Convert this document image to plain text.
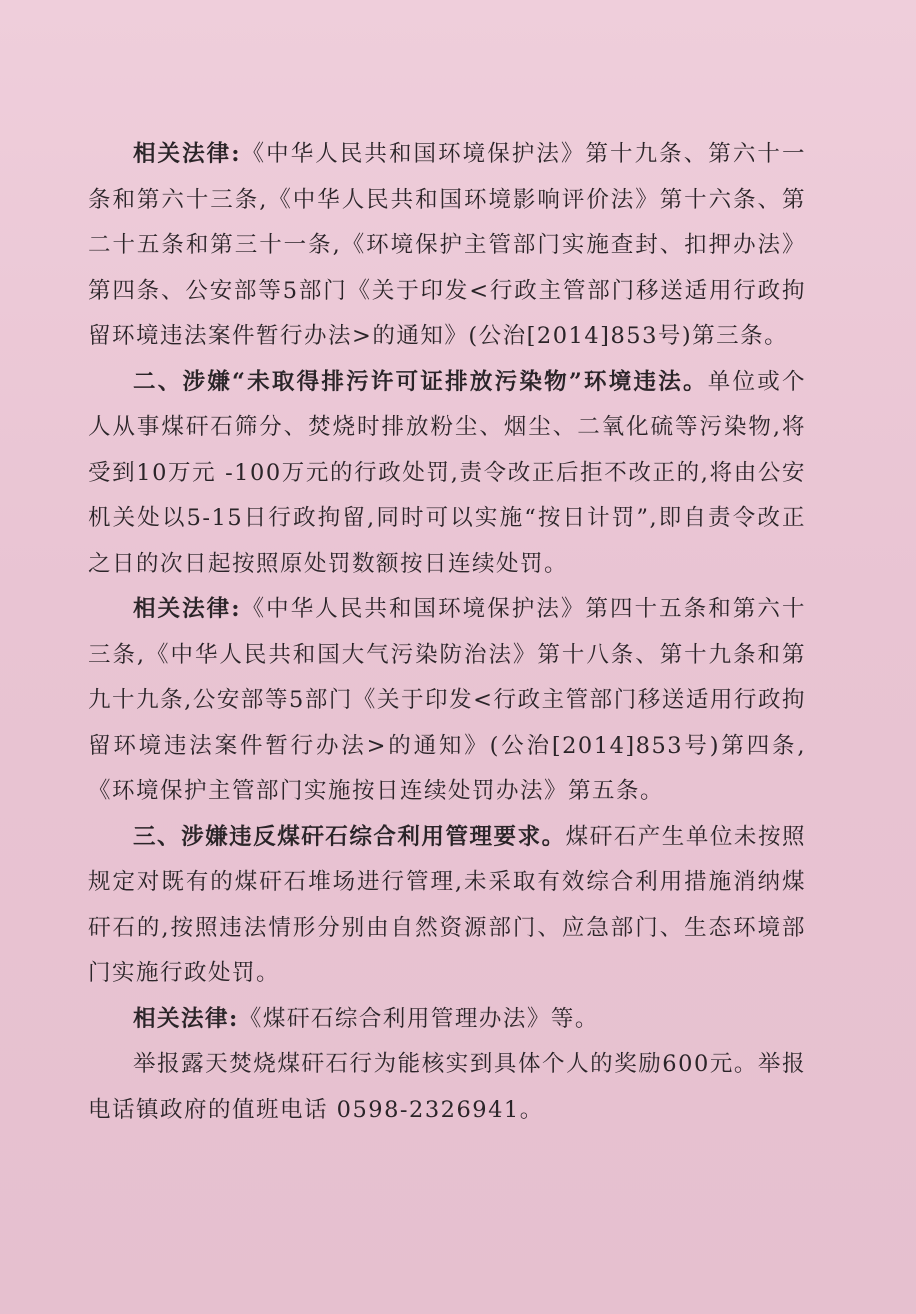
相关法律:《中华人民共和国环境保护法》第十九条、第六十一条和第六十三条,《中华人民共和国环境影响评价法》第十六条、第二十五条和第三十一条,《环境保护主管部门实施查封、扣押办法》第四条、公安部等5部门《关于印发<行政主管部门移送适用行政拘留环境违法案件暂行办法>的通知》(公治[2014]853号)第三条。

二、涉嫌“未取得排污许可证排放污染物”环境违法。单位或个人从事煤矸石筛分、焚烧时排放粉尘、烟尘、二氧化硫等污染物,将受到10万元 -100万元的行政处罚,责令改正后拒不改正的,将由公安机关处以5-15日行政拘留,同时可以实施“按日计罚”,即自责令改正之日的次日起按照原处罚数额按日连续处罚。

相关法律:《中华人民共和国环境保护法》第四十五条和第六十三条,《中华人民共和国大气污染防治法》第十八条、第十九条和第九十九条,公安部等5部门《关于印发<行政主管部门移送适用行政拘留环境违法案件暂行办法>的通知》(公治[2014]853号)第四条,《环境保护主管部门实施按日连续处罚办法》第五条。

三、涉嫌违反煤矸石综合利用管理要求。煤矸石产生单位未按照规定对既有的煤矸石堆场进行管理,未采取有效综合利用措施消纳煤矸石的,按照违法情形分别由自然资源部门、应急部门、生态环境部门实施行政处罚。

相关法律:《煤矸石综合利用管理办法》等。

举报露天焚烧煤矸石行为能核实到具体个人的奖励600元。举报电话镇政府的值班电话 0598-2326941。
